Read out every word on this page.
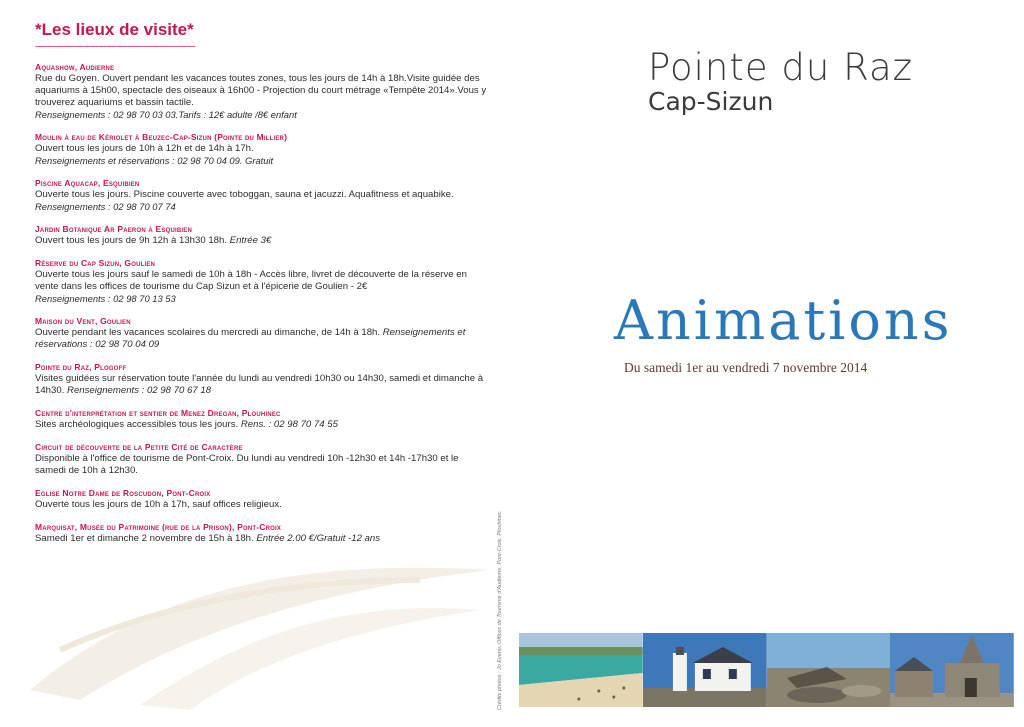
*Les lieux de visite*
--------------------------------------------------------------------------------
Aquashow, Audierne
Rue du Goyen. Ouvert pendant les vacances toutes zones, tous les jours de 14h à 18h.Visite guidée des aquariums à 15h00, spectacle des oiseaux à 16h00 - Projection du court métrage «Tempête 2014».Vous y trouverez aquariums et bassin tactile.
Renseignements : 02 98 70 03 03.Tarifs : 12€ adulte /8€ enfant
Moulin à eau de Kériolet à Beuzec-Cap-Sizun (Pointe du Millier)
Ouvert tous les jours de 10h à 12h et de 14h à 17h.
Renseignements et réservations : 02 98 70 04 09. Gratuit
Piscine Aquacap, Esquibien
Ouverte tous les jours. Piscine couverte avec toboggan, sauna et jacuzzi. Aquafitness et aquabike.
Renseignements : 02 98 70 07 74
Jardin Botanique Ar Paeron à Esquibien
Ouvert tous les jours de 9h 12h à 13h30 18h. Entrée 3€
Réserve du Cap Sizun, Goulien
Ouverte tous les jours sauf le samedi de 10h à 18h - Accès libre, livret de découverte de la réserve en vente dans les offices de tourisme du Cap Sizun et à l'épicerie de Goulien - 2€
Renseignements : 02 98 70 13 53
Maison du Vent, Goulien
Ouverte pendant les vacances scolaires du mercredi au dimanche, de 14h à 18h. Renseignements et réservations : 02 98 70 04 09
Pointe du Raz, Plogoff
Visites guidées sur réservation toute l'année du lundi au vendredi 10h30 ou 14h30, samedi et dimanche à 14h30. Renseignements : 02 98 70 67 18
Centre d'interprétation et sentier de Menez Dregan, Plouhinec
Sites archéologiques accessibles tous les jours. Rens. : 02 98 70 74 55
Circuit de découverte de la Petite Cité de Caractère
Disponible à l'office de tourisme de Pont-Croix. Du lundi au vendredi 10h -12h30 et 14h -17h30 et le samedi de 10h à 12h30.
Eglise Notre Dame de Roscudon, Pont-Croix
Ouverte tous les jours de 10h à 17h, sauf offices religieux.
Marquisat, Musée du Patrimoine (rue de la Prison), Pont-Croix
Samedi 1er et dimanche 2 novembre de 15h à 18h. Entrée 2.00 €/Gratuit -12 ans	Crédits photos : Jo Eveno, Offices de Tourisme d'Audierne, Pont-Croix, Plouhinec
Pointe du Raz
Cap-Sizun
Animations
Du samedi 1er au vendredi 7 novembre 2014
